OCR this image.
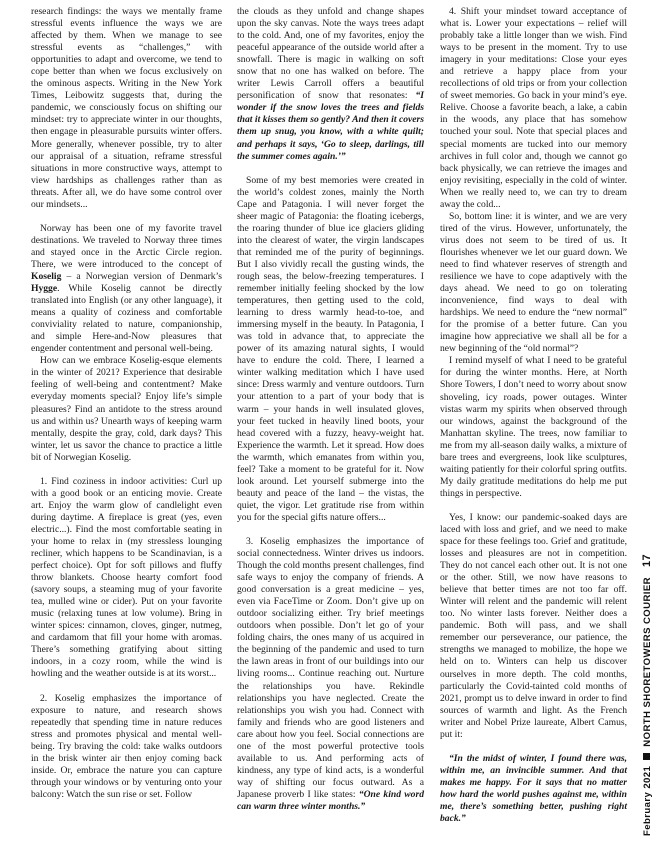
research findings: the ways we mentally frame stressful events influence the ways we are affected by them. When we manage to see stressful events as “challenges,” with opportunities to adapt and overcome, we tend to cope better than when we focus exclusively on the ominous aspects. Writing in the New York Times, Leibowitz suggests that, during the pandemic, we consciously focus on shifting our mindset: try to appreciate winter in our thoughts, then engage in pleasurable pursuits winter offers. More generally, whenever possible, try to alter our appraisal of a situation, reframe stressful situations in more constructive ways, attempt to view hardships as challenges rather than as threats. After all, we do have some control over our mindsets...

Norway has been one of my favorite travel destinations. We traveled to Norway three times and stayed once in the Arctic Circle region. There, we were introduced to the concept of Koselig – a Norwegian version of Denmark’s Hygge. While Koselig cannot be directly translated into English (or any other language), it means a quality of coziness and comfortable conviviality related to nature, companionship, and simple Here-and-Now pleasures that engender contentment and personal well-being.

How can we embrace Koselig-esque elements in the winter of 2021? Experience that desirable feeling of well-being and contentment? Make everyday moments special? Enjoy life’s simple pleasures? Find an antidote to the stress around us and within us? Unearth ways of keeping warm mentally, despite the gray, cold, dark days? This winter, let us savor the chance to practice a little bit of Norwegian Koselig.

1. Find coziness in indoor activities: Curl up with a good book or an enticing movie. Create art. Enjoy the warm glow of candlelight even during daytime. A fireplace is great (yes, even electric...). Find the most comfortable seating in your home to relax in (my stressless lounging recliner, which happens to be Scandinavian, is a perfect choice). Opt for soft pillows and fluffy throw blankets. Choose hearty comfort food (savory soups, a steaming mug of your favorite tea, mulled wine or cider). Put on your favorite music (relaxing tunes at low volume). Bring in winter spices: cinnamon, cloves, ginger, nutmeg, and cardamom that fill your home with aromas. There’s something gratifying about sitting indoors, in a cozy room, while the wind is howling and the weather outside is at its worst...

2. Koselig emphasizes the importance of exposure to nature, and research shows repeatedly that spending time in nature reduces stress and promotes physical and mental well-being. Try braving the cold: take walks outdoors in the brisk winter air then enjoy coming back inside. Or, embrace the nature you can capture through your windows or by venturing onto your balcony: Watch the sun rise or set. Follow

the clouds as they unfold and change shapes upon the sky canvas. Note the ways trees adapt to the cold. And, one of my favorites, enjoy the peaceful appearance of the outside world after a snowfall. There is magic in walking on soft snow that no one has walked on before. The writer Lewis Carroll offers a beautiful personification of snow that resonates: “I wonder if the snow loves the trees and fields that it kisses them so gently? And then it covers them up snug, you know, with a white quilt; and perhaps it says, ‘Go to sleep, darlings, till the summer comes again.’”

Some of my best memories were created in the world’s coldest zones, mainly the North Cape and Patagonia. I will never forget the sheer magic of Patagonia: the floating icebergs, the roaring thunder of blue ice glaciers gliding into the clearest of water, the virgin landscapes that reminded me of the purity of beginnings. But I also vividly recall the gusting winds, the rough seas, the below-freezing temperatures. I remember initially feeling shocked by the low temperatures, then getting used to the cold, learning to dress warmly head-to-toe, and immersing myself in the beauty. In Patagonia, I was told in advance that, to appreciate the power of its amazing natural sights, I would have to endure the cold. There, I learned a winter walking meditation which I have used since: Dress warmly and venture outdoors. Turn your attention to a part of your body that is warm – your hands in well insulated gloves, your feet tucked in heavily lined boots, your head covered with a fuzzy, heavy-weight hat. Experience the warmth. Let it spread. How does the warmth, which emanates from within you, feel? Take a moment to be grateful for it. Now look around. Let yourself submerge into the beauty and peace of the land – the vistas, the quiet, the vigor. Let gratitude rise from within you for the special gifts nature offers...

3. Koselig emphasizes the importance of social connectedness. Winter drives us indoors. Though the cold months present challenges, find safe ways to enjoy the company of friends. A good conversation is a great medicine – yes, even via FaceTime or Zoom. Don’t give up on outdoor socializing either. Try brief meetings outdoors when possible. Don’t let go of your folding chairs, the ones many of us acquired in the beginning of the pandemic and used to turn the lawn areas in front of our buildings into our living rooms... Continue reaching out. Nurture the relationships you have. Rekindle relationships you have neglected. Create the relationships you wish you had. Connect with family and friends who are good listeners and care about how you feel. Social connections are one of the most powerful protective tools available to us. And performing acts of kindness, any type of kind acts, is a wonderful way of shifting our focus outward. As a Japanese proverb I like states: “One kind word can warm three winter months.”

4. Shift your mindset toward acceptance of what is. Lower your expectations – relief will probably take a little longer than we wish. Find ways to be present in the moment. Try to use imagery in your meditations: Close your eyes and retrieve a happy place from your recollections of old trips or from your collection of sweet memories. Go back in your mind’s eye. Relive. Choose a favorite beach, a lake, a cabin in the woods, any place that has somehow touched your soul. Note that special places and special moments are tucked into our memory archives in full color and, though we cannot go back physically, we can retrieve the images and enjoy revisiting, especially in the cold of winter. When we really need to, we can try to dream away the cold...

So, bottom line: it is winter, and we are very tired of the virus. However, unfortunately, the virus does not seem to be tired of us. It flourishes whenever we let our guard down. We need to find whatever reserves of strength and resilience we have to cope adaptively with the days ahead. We need to go on tolerating inconvenience, find ways to deal with hardships. We need to endure the “new normal” for the promise of a better future. Can you imagine how appreciative we shall all be for a new beginning of the “old normal”?

I remind myself of what I need to be grateful for during the winter months. Here, at North Shore Towers, I don’t need to worry about snow shoveling, icy roads, power outages. Winter vistas warm my spirits when observed through our windows, against the background of the Manhattan skyline. The trees, now familiar to me from my all-season daily walks, a mixture of bare trees and evergreens, look like sculptures, waiting patiently for their colorful spring outfits. My daily gratitude meditations do help me put things in perspective.

Yes, I know: our pandemic-soaked days are laced with loss and grief, and we need to make space for these feelings too. Grief and gratitude, losses and pleasures are not in competition. They do not cancel each other out. It is not one or the other. Still, we now have reasons to believe that better times are not too far off. Winter will relent and the pandemic will relent too. No winter lasts forever. Neither does a pandemic. Both will pass, and we shall remember our perseverance, our patience, the strengths we managed to mobilize, the hope we held on to. Winters can help us discover ourselves in more depth. The cold months, particularly the Covid-tainted cold months of 2021, prompt us to delve inward in order to find sources of warmth and light. As the French writer and Nobel Prize laureate, Albert Camus, put it:

“In the midst of winter, I found there was, within me, an invincible summer. And that makes me happy. For it says that no matter how hard the world pushes against me, within me, there’s something better, pushing right back.”	February 2021NORTH SHORETOWERS COURIER17
